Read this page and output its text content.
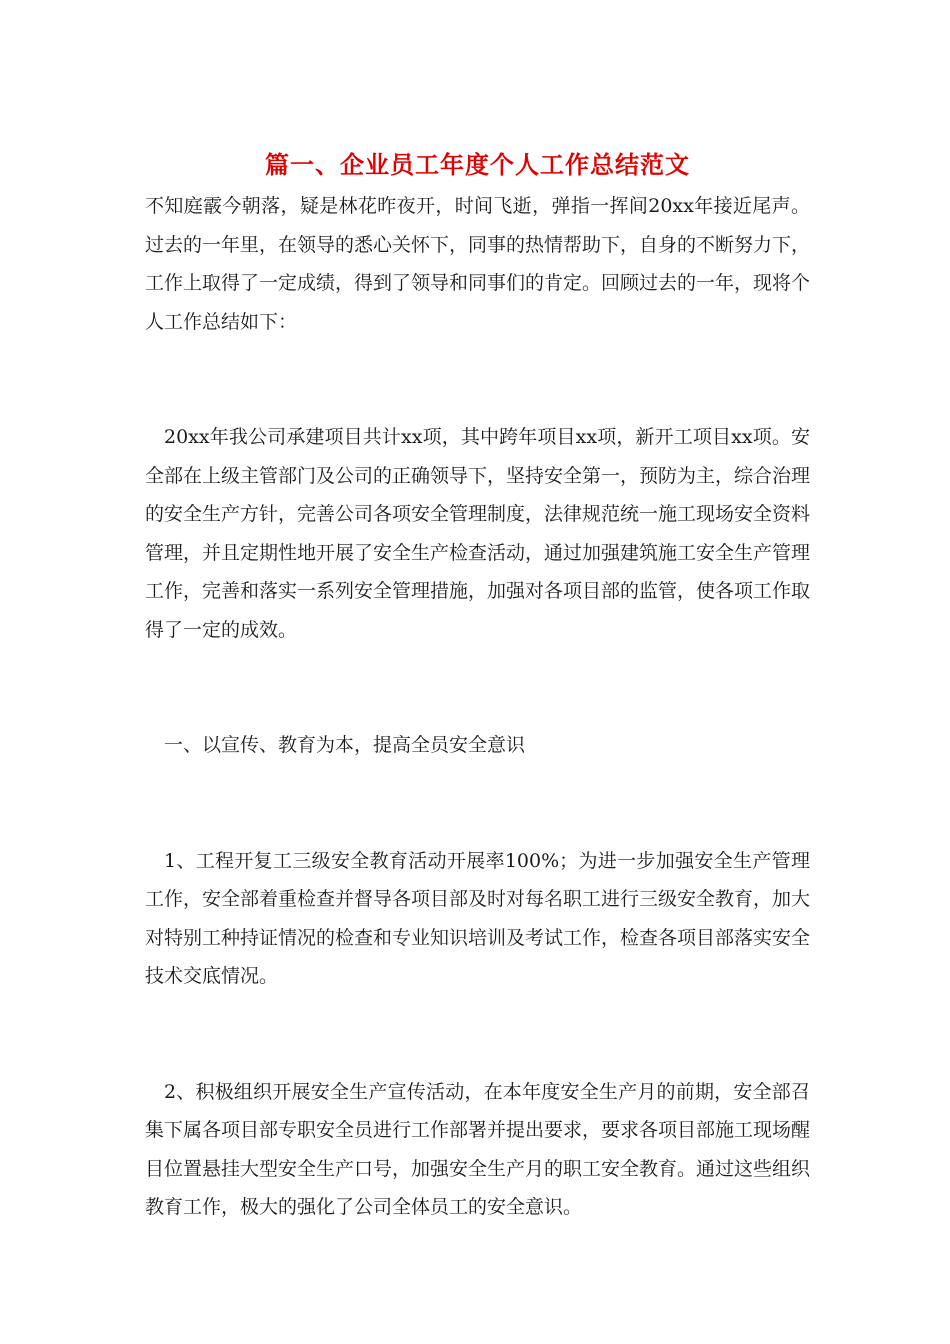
篇一、企业员工年度个人工作总结范文

不知庭霰今朝落，疑是林花昨夜开，时间飞逝，弹指一挥间20xx年接近尾声。过去的一年里，在领导的悉心关怀下，同事的热情帮助下，自身的不断努力下，工作上取得了一定成绩，得到了领导和同事们的肯定。回顾过去的一年，现将个人工作总结如下：

20xx年我公司承建项目共计xx项，其中跨年项目xx项，新开工项目xx项。安全部在上级主管部门及公司的正确领导下，坚持安全第一，预防为主，综合治理的安全生产方针，完善公司各项安全管理制度，法律规范统一施工现场安全资料管理，并且定期性地开展了安全生产检查活动，通过加强建筑施工安全生产管理工作，完善和落实一系列安全管理措施，加强对各项目部的监管，使各项工作取得了一定的成效。

一、以宣传、教育为本，提高全员安全意识

1、工程开复工三级安全教育活动开展率100%；为进一步加强安全生产管理工作，安全部着重检查并督导各项目部及时对每名职工进行三级安全教育，加大对特别工种持证情况的检查和专业知识培训及考试工作，检查各项目部落实安全技术交底情况。

2、积极组织开展安全生产宣传活动，在本年度安全生产月的前期，安全部召集下属各项目部专职安全员进行工作部署并提出要求，要求各项目部施工现场醒目位置悬挂大型安全生产口号，加强安全生产月的职工安全教育。通过这些组织教育工作，极大的强化了公司全体员工的安全意识。
